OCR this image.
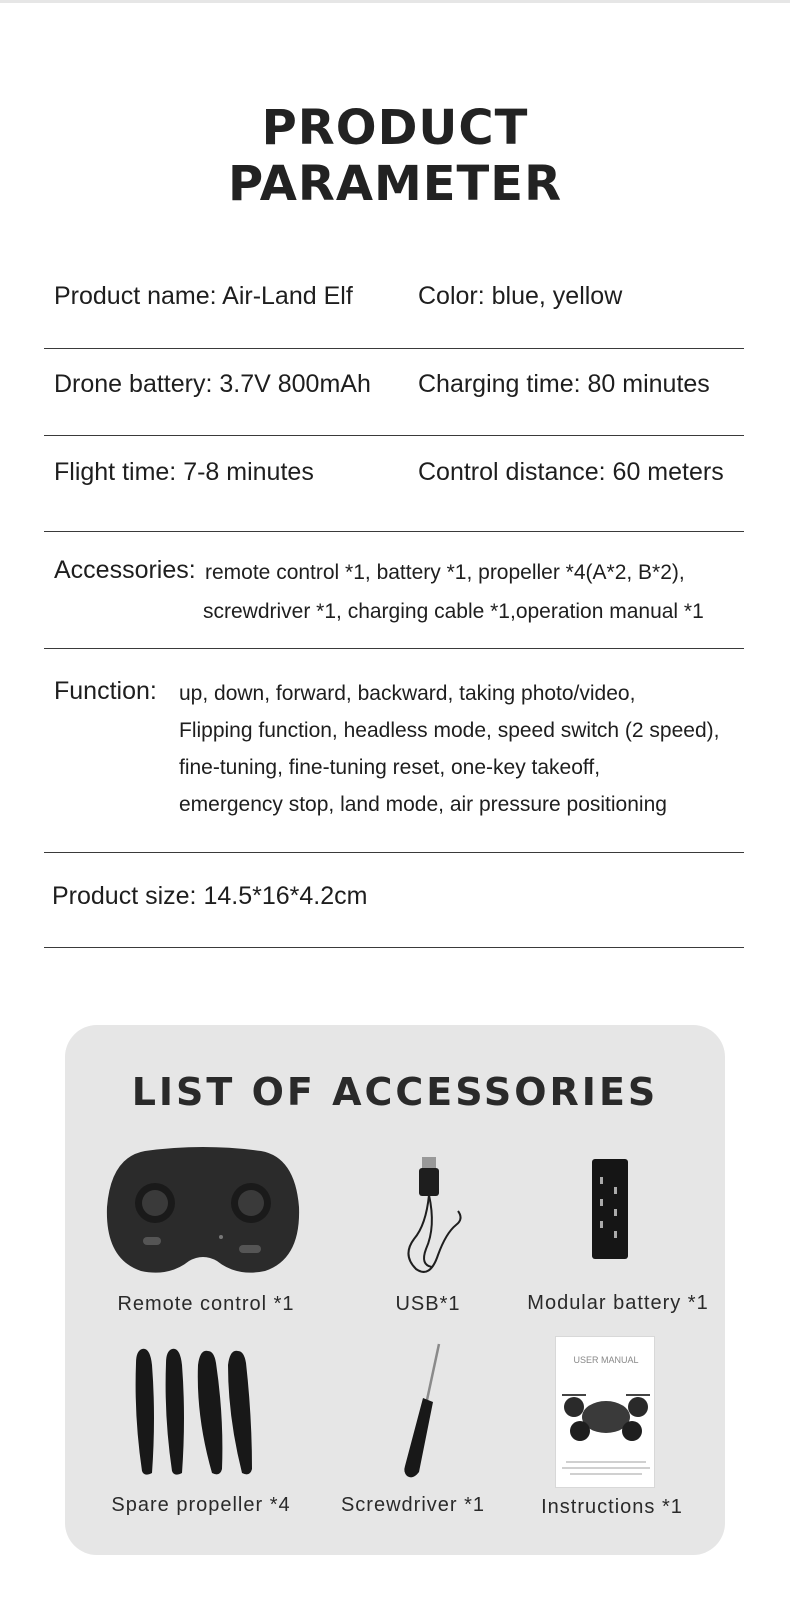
PRODUCT
PARAMETER
Product name: Air-Land Elf	Color: blue, yellow
Drone battery: 3.7V 800mAh Charging time: 80 minutes
Flight time: 7-8 minutes	Control distance: 60 meters
Accessories: remote control *1, battery *1, propeller *4(A*2, B*2),
screwdriver *1, charging cable *1,operation manual *1
Function: up, down, forward, backward, taking photo/video,
Flipping function, headless mode, speed switch (2 speed),
fine-tuning, fine-tuning reset, one-key takeoff,
emergency stop, land mode, air pressure positioning
Product size: 14.5*16*4.2cm
LIST OF ACCESSORIES
USER MANUAL
Remote control *1	USB*1	Modular battery *1
Spare propeller *4	Screwdriver *1	Instructions *1
